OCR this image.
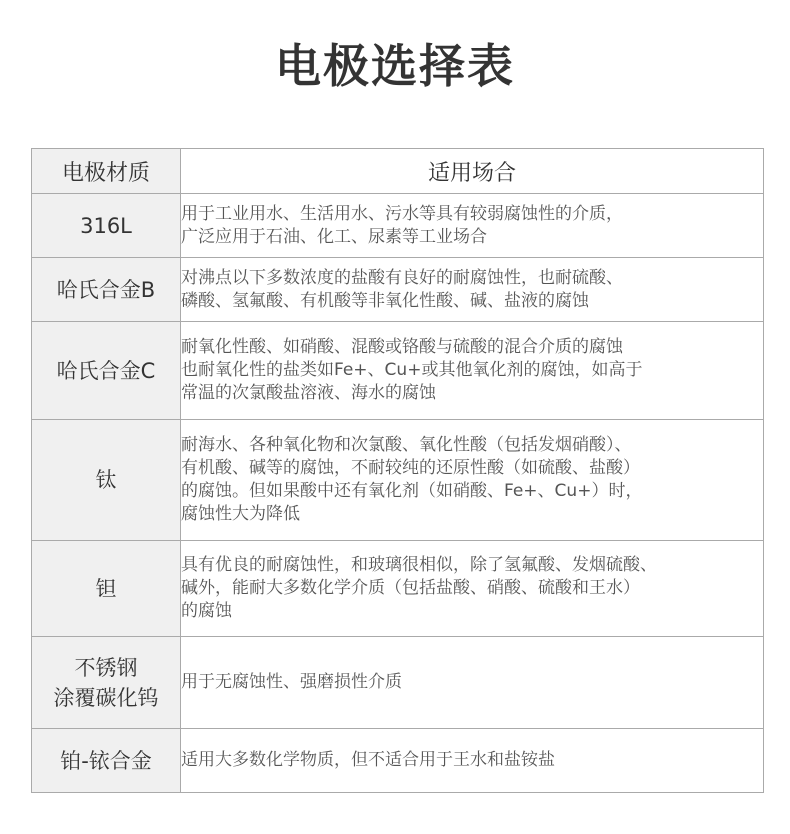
电极选择表
电极材质	适用场合

316L	用于工业用水、生活用水、污水等具有较弱腐蚀性的介质，
广泛应用于石油、化工、尿素等工业场合

哈氏合金B	对沸点以下多数浓度的盐酸有良好的耐腐蚀性，也耐硫酸、
磷酸、氢氟酸、有机酸等非氧化性酸、碱、盐液的腐蚀

哈氏合金C	耐氧化性酸、如硝酸、混酸或铬酸与硫酸的混合介质的腐蚀
也耐氧化性的盐类如Fe+、Cu+或其他氧化剂的腐蚀，如高于
常温的次氯酸盐溶液、海水的腐蚀

钛	耐海水、各种氧化物和次氯酸、氧化性酸（包括发烟硝酸）、
有机酸、碱等的腐蚀，不耐较纯的还原性酸（如硫酸、盐酸）
的腐蚀。但如果酸中还有氧化剂（如硝酸、Fe+、Cu+）时，
腐蚀性大为降低

钽	具有优良的耐腐蚀性，和玻璃很相似，除了氢氟酸、发烟硫酸、
碱外，能耐大多数化学介质（包括盐酸、硝酸、硫酸和王水）
的腐蚀

不锈钢
涂覆碳化钨	用于无腐蚀性、强磨损性介质

铂-铱合金	适用大多数化学物质，但不适合用于王水和盐铵盐
